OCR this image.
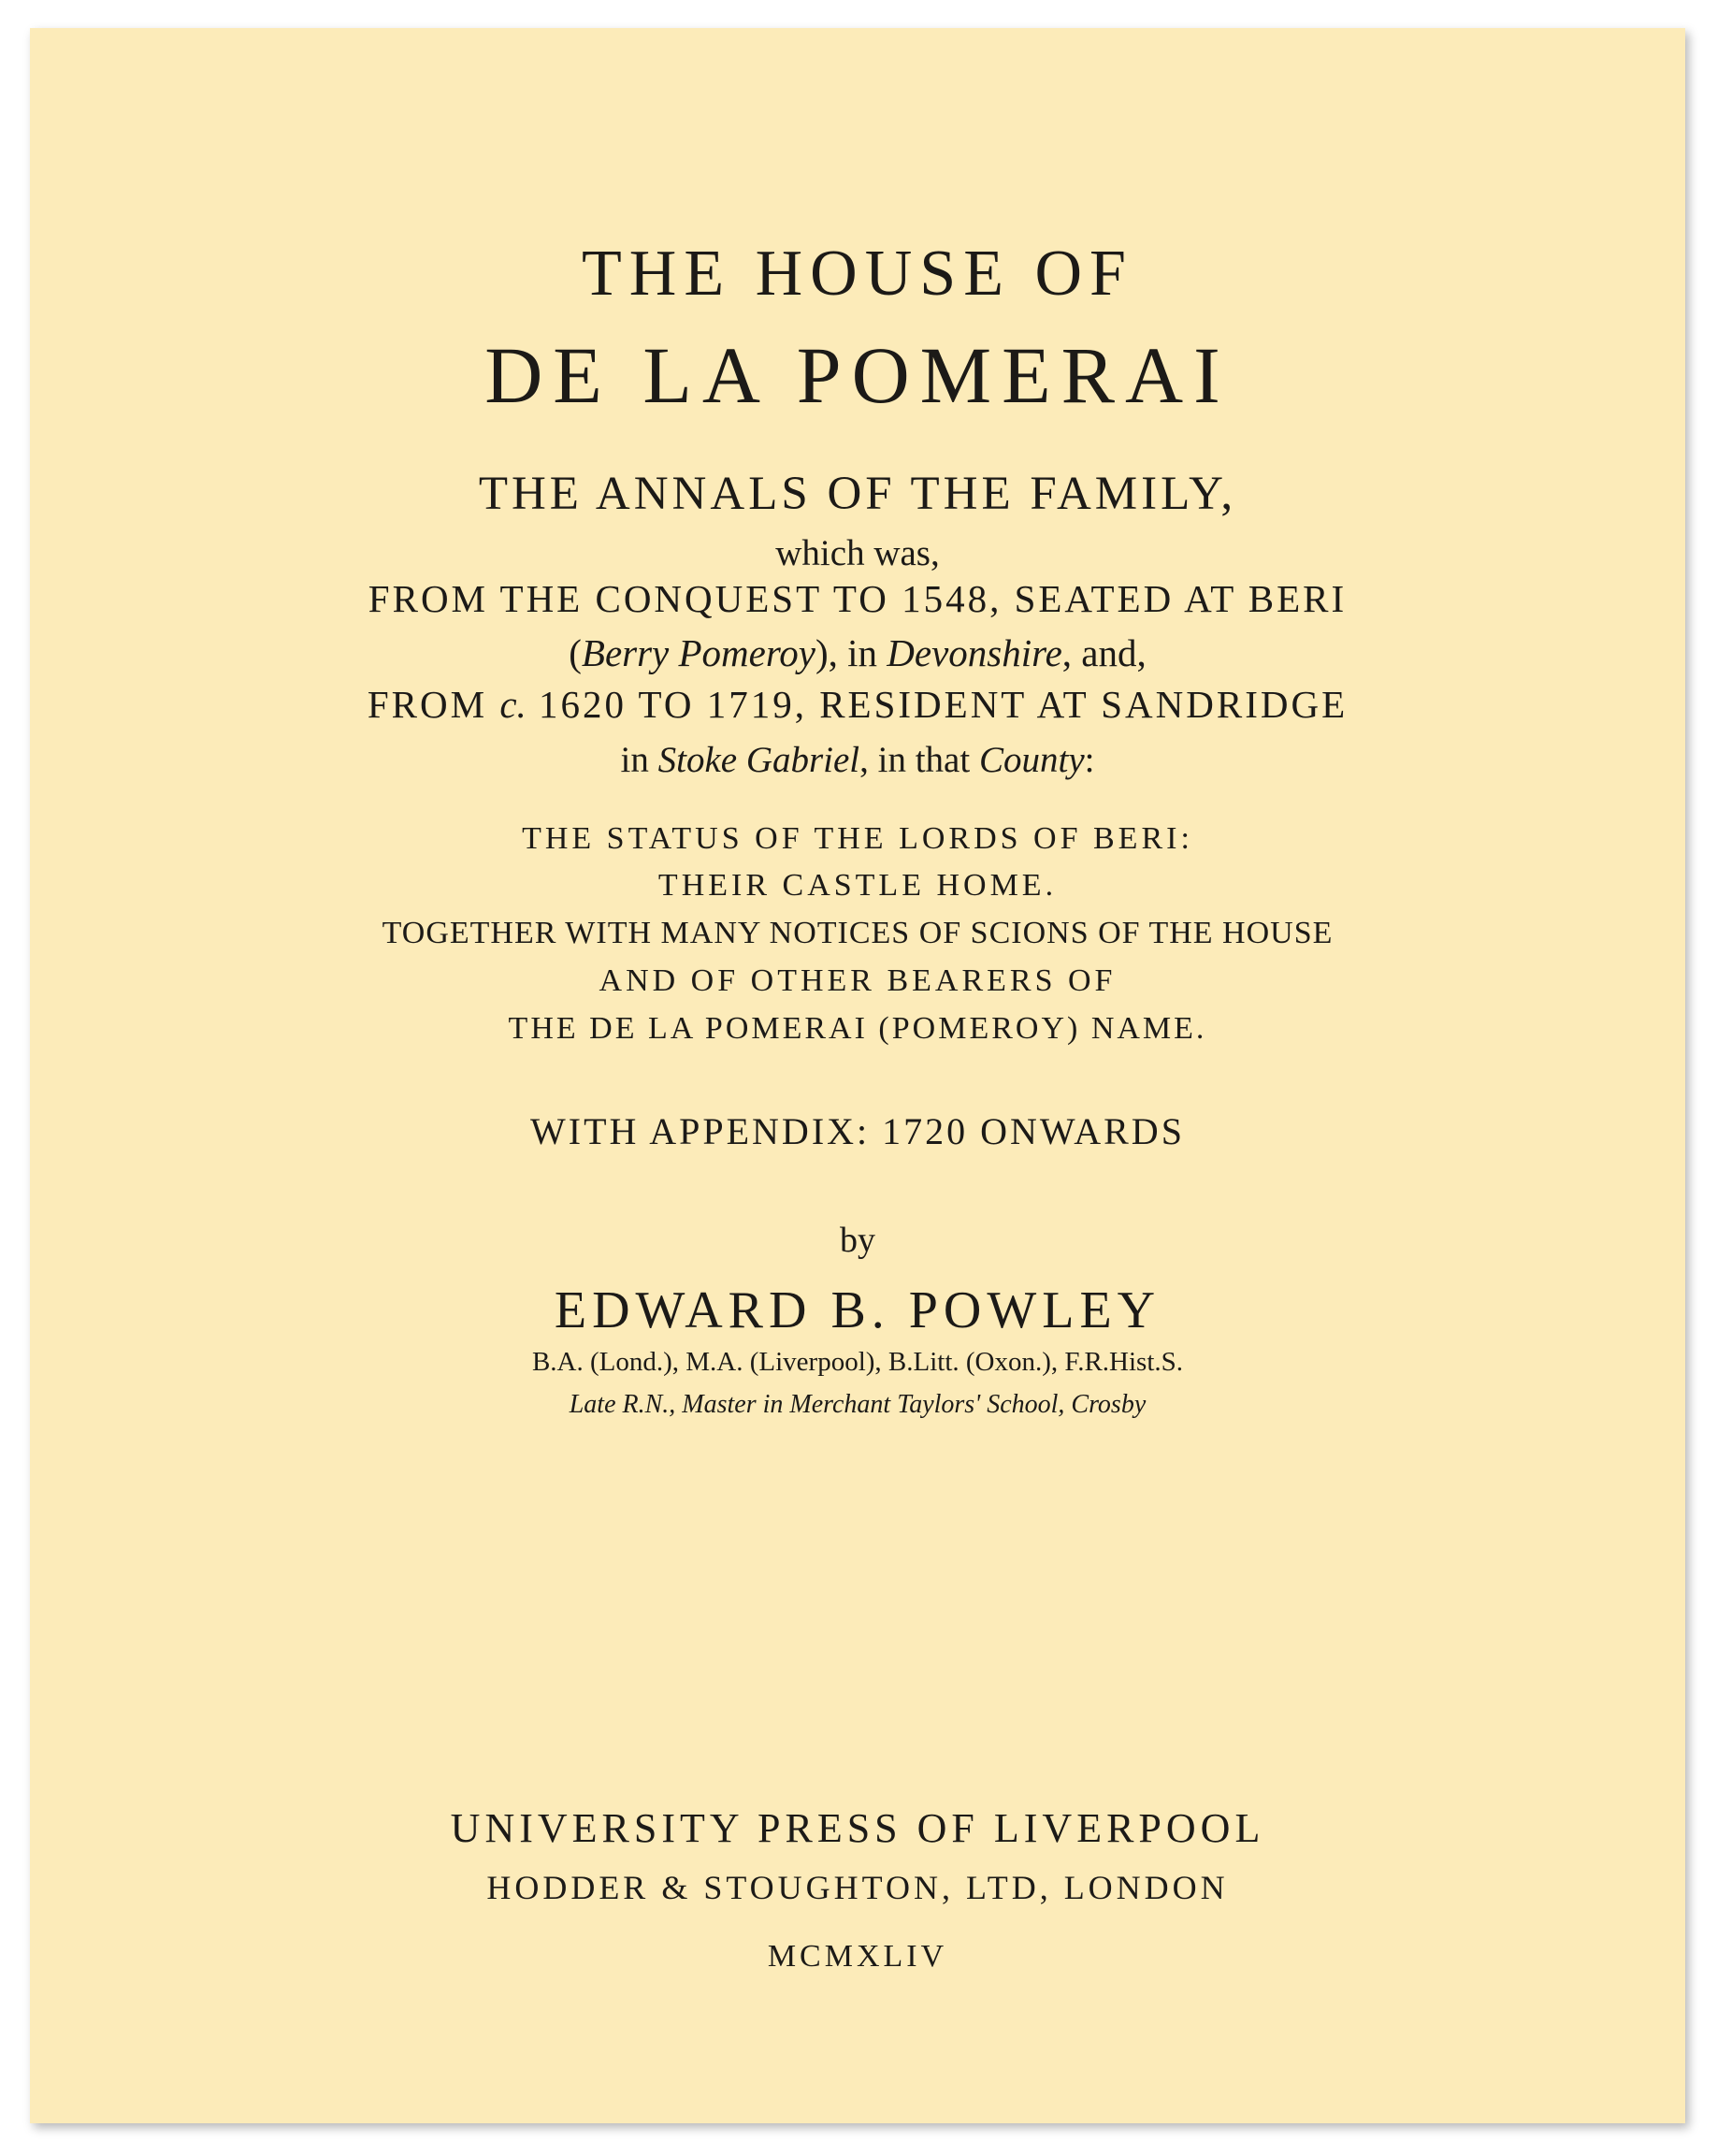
THE HOUSE OF
DE LA POMERAI
THE ANNALS OF THE FAMILY,
which was,
FROM THE CONQUEST TO 1548, SEATED AT BERI
(Berry Pomeroy), in Devonshire, and,
FROM c. 1620 TO 1719, RESIDENT AT SANDRIDGE
in Stoke Gabriel, in that County:
THE STATUS OF THE LORDS OF BERI:
THEIR CASTLE HOME.
TOGETHER WITH MANY NOTICES OF SCIONS OF THE HOUSE
AND OF OTHER BEARERS OF
THE DE LA POMERAI (POMEROY) NAME.
WITH APPENDIX: 1720 ONWARDS
by
EDWARD B. POWLEY
B.A. (Lond.), M.A. (Liverpool), B.Litt. (Oxon.), F.R.Hist.S.
Late R.N., Master in Merchant Taylors' School, Crosby
UNIVERSITY PRESS OF LIVERPOOL
HODDER & STOUGHTON, LTD, LONDON
MCMXLIV
